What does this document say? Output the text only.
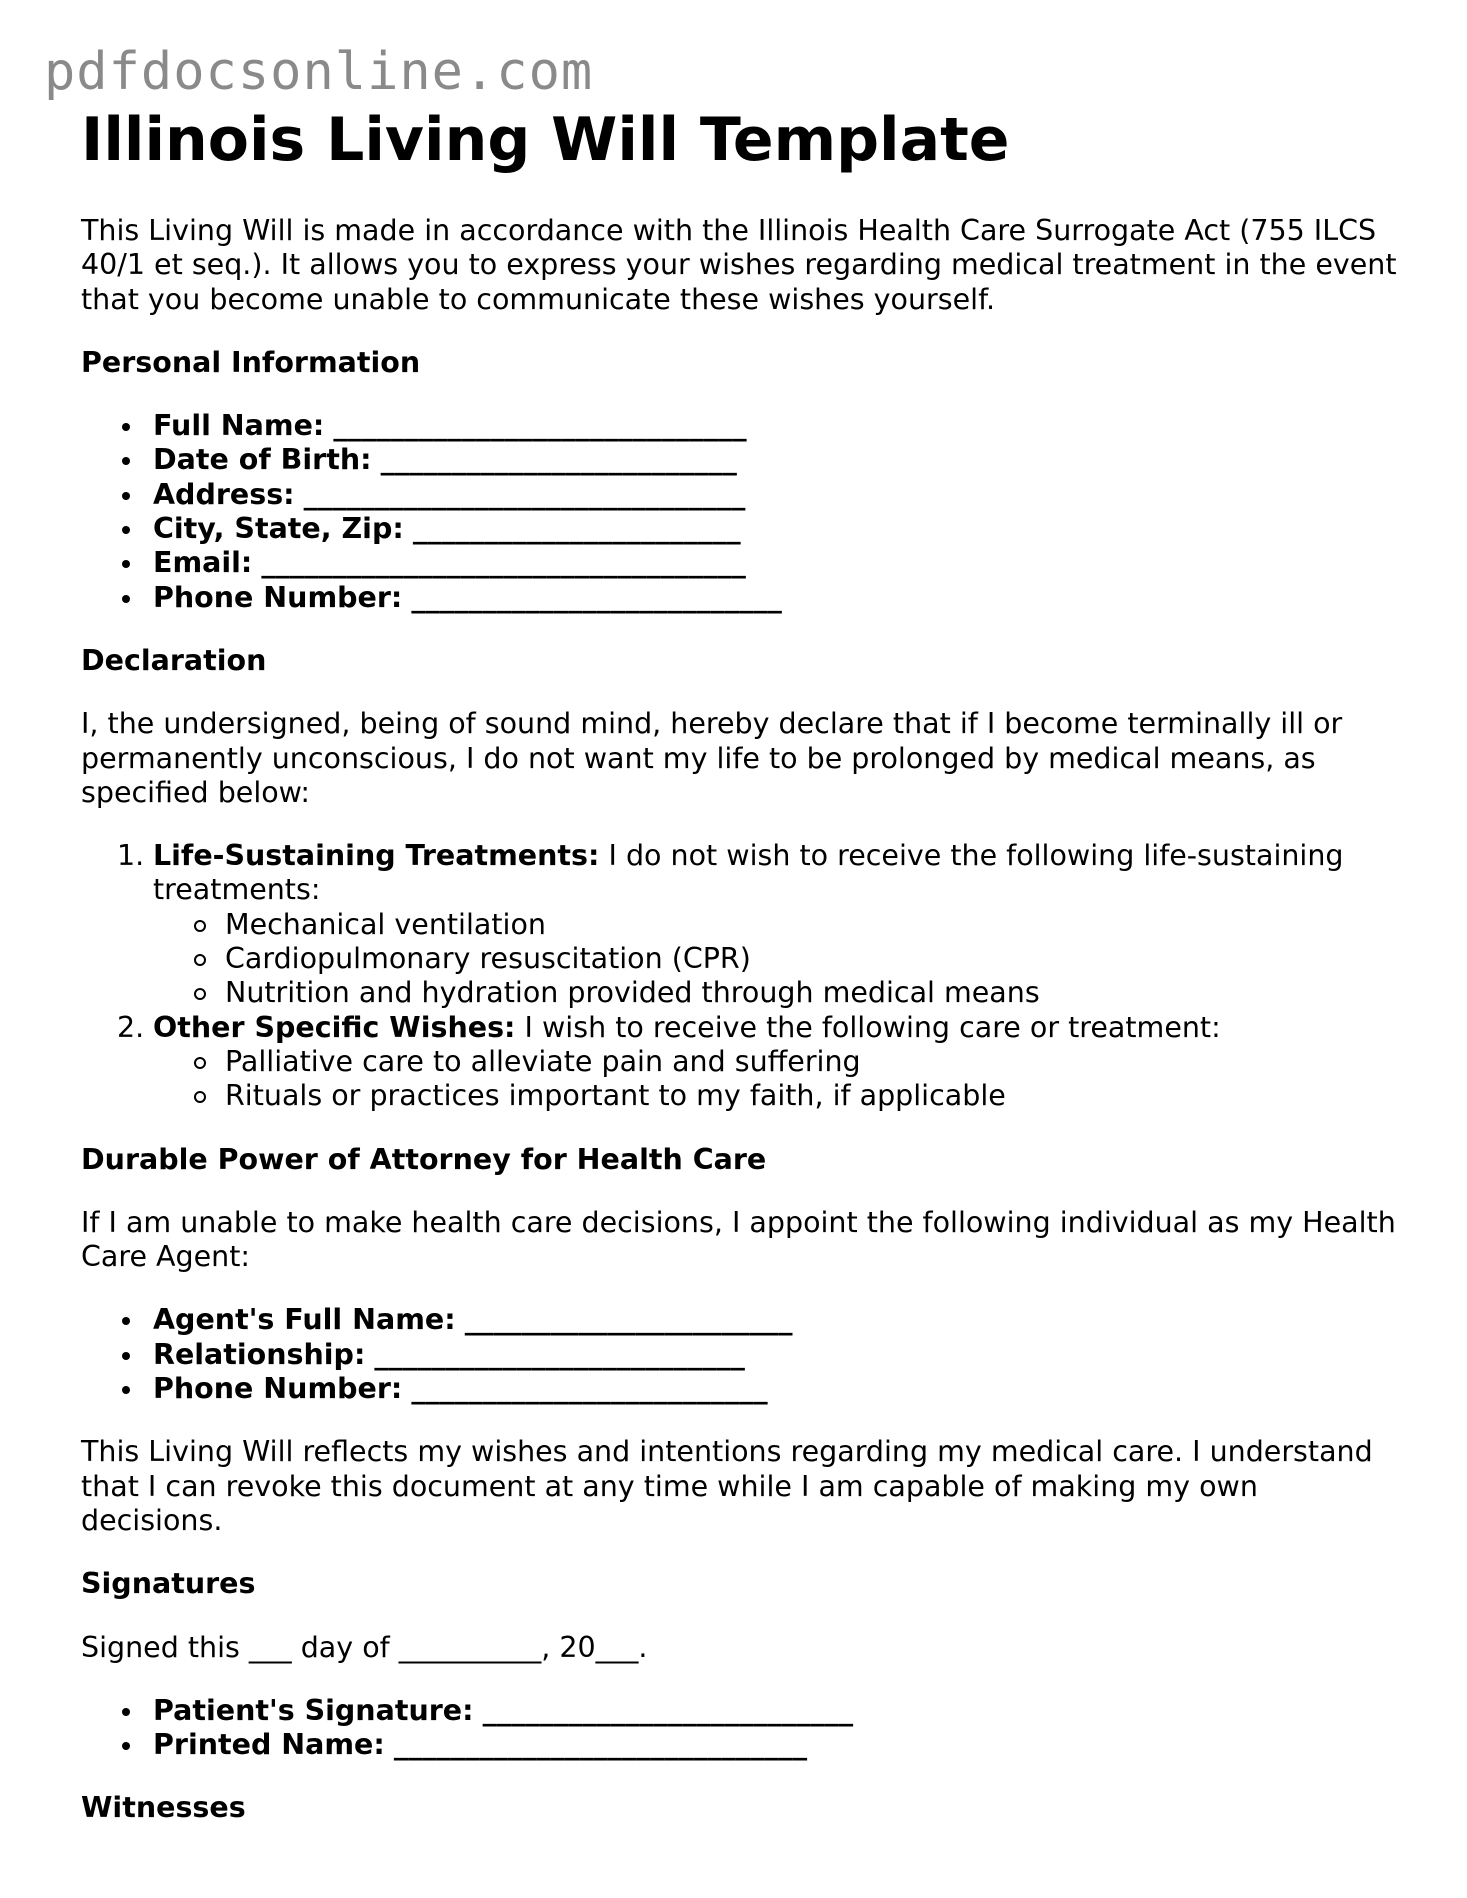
pdfdocsonline.com
Illinois Living Will Template

This Living Will is made in accordance with the Illinois Health Care Surrogate Act (755 ILCS 40/1 et seq.). It allows you to express your wishes regarding medical treatment in the event that you become unable to communicate these wishes yourself.

Personal Information
Full Name: _____________________________
Date of Birth: _________________________
Address: _______________________________
City, State, Zip: _______________________
Email: __________________________________
Phone Number: __________________________
Declaration

I, the undersigned, being of sound mind, hereby declare that if I become terminally ill or permanently unconscious, I do not want my life to be prolonged by medical means, as specified below:

1. Life-Sustaining Treatments: I do not wish to receive the following life-sustaining treatments:
Mechanical ventilation
Cardiopulmonary resuscitation (CPR)
Nutrition and hydration provided through medical means
2. Other Specific Wishes: I wish to receive the following care or treatment:
Palliative care to alleviate pain and suffering
Rituals or practices important to my faith, if applicable
Durable Power of Attorney for Health Care

If I am unable to make health care decisions, I appoint the following individual as my Health Care Agent:

Agent's Full Name: _______________________
Relationship: __________________________
Phone Number: _________________________

This Living Will reflects my wishes and intentions regarding my medical care. I understand that I can revoke this document at any time while I am capable of making my own decisions.

Signatures

Signed this ___ day of __________, 20___.

Patient's Signature: __________________________
Printed Name: _____________________________
Witnesses
